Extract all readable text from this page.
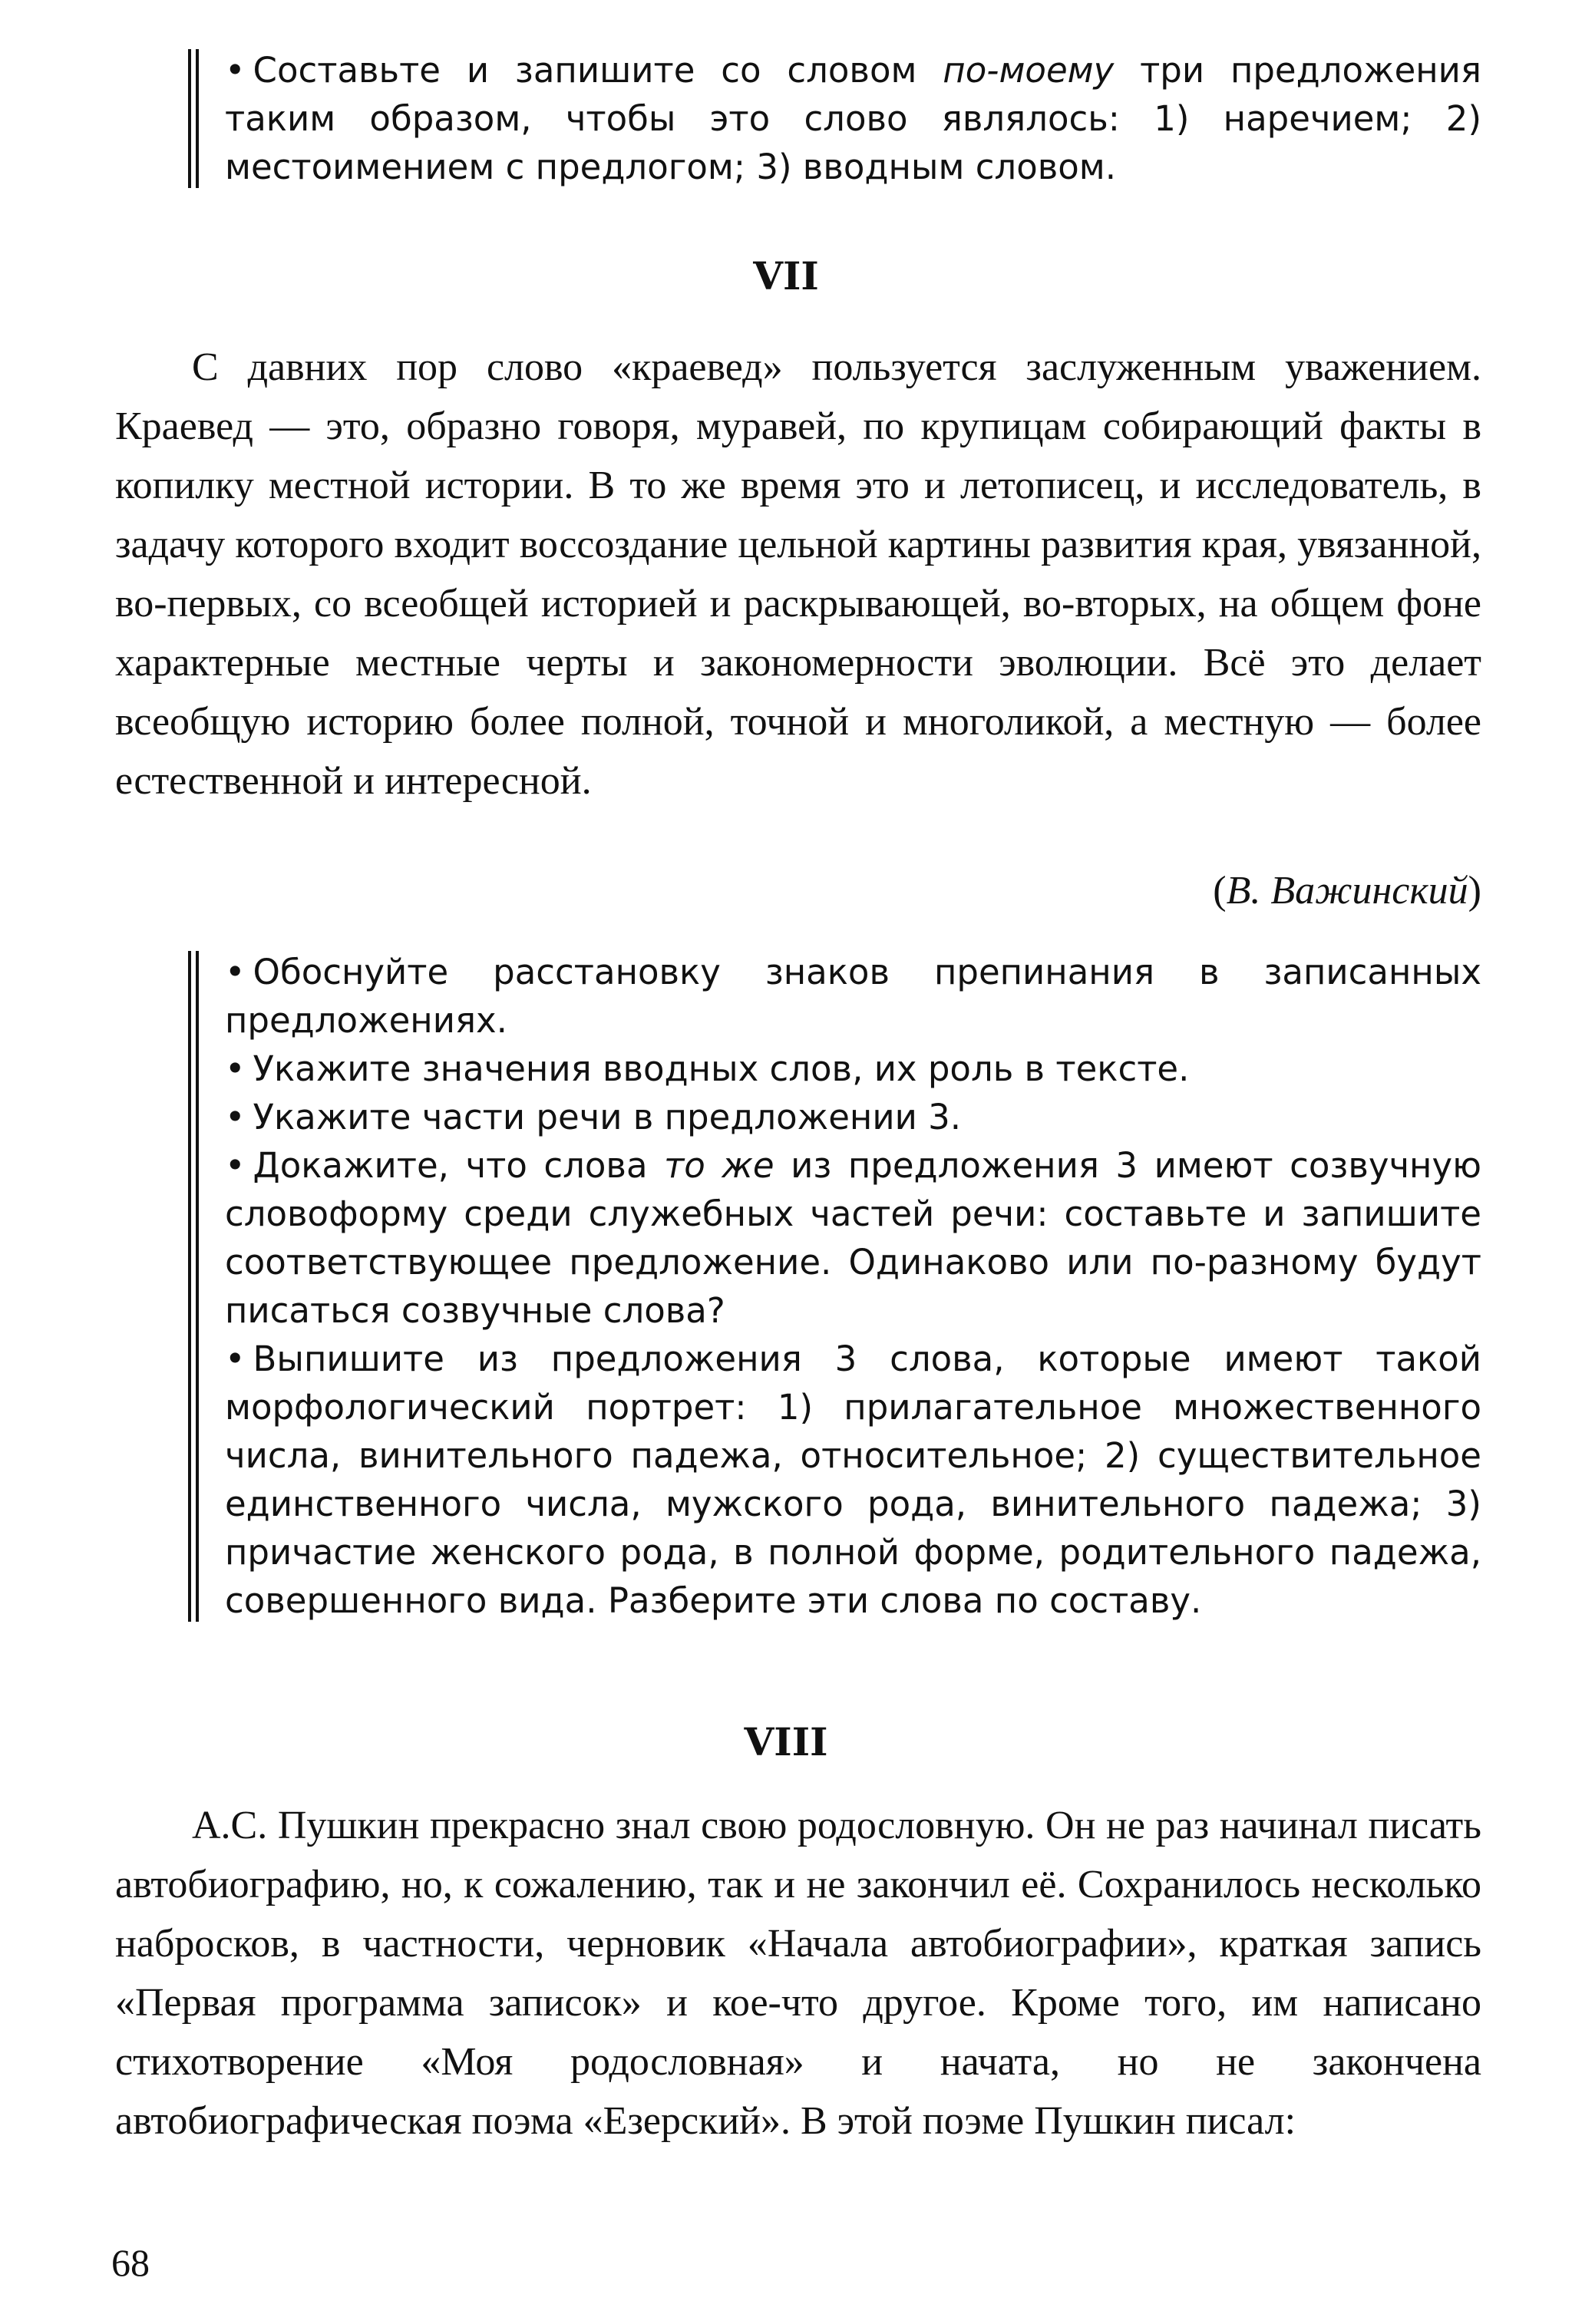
• Составьте и запишите со словом по-моему три предложения таким образом, чтобы это слово являлось: 1) наречием; 2) местоимением с предлогом; 3) вводным словом.

VII

С давних пор слово «краевед» пользуется заслуженным уважением. Краевед — это, образно говоря, муравей, по крупицам собирающий факты в копилку местной истории. В то же время это и летописец, и исследователь, в задачу которого входит воссоздание цельной картины развития края, увязанной, во-первых, со всеобщей историей и раскрывающей, во-вторых, на общем фоне характерные местные черты и закономерности эволюции. Всё это делает всеобщую историю более полной, точной и многоликой, а местную — более естественной и интересной.

(В. Важинский)

• Обоснуйте расстановку знаков препинания в записанных предложениях.

• Укажите значения вводных слов, их роль в тексте.

• Укажите части речи в предложении 3.

• Докажите, что слова то же из предложения 3 имеют созвучную словоформу среди служебных частей речи: составьте и запишите соответствующее предложение. Одинаково или по-разному будут писаться созвучные слова?

• Выпишите из предложения 3 слова, которые имеют такой морфологический портрет: 1) прилагательное множественного числа, винительного падежа, относительное; 2) существительное единственного числа, мужского рода, винительного падежа; 3) причастие женского рода, в полной форме, родительного падежа, совершенного вида. Разберите эти слова по составу.

VIII

А.С. Пушкин прекрасно знал свою родословную. Он не раз начинал писать автобиографию, но, к сожалению, так и не закончил её. Сохранилось несколько набросков, в частности, черновик «Начала автобиографии», краткая запись «Первая программа записок» и кое-что другое. Кроме того, им написано стихотворение «Моя родословная» и начата, но не закончена автобиографическая поэма «Езерский». В этой поэме Пушкин писал:

68
